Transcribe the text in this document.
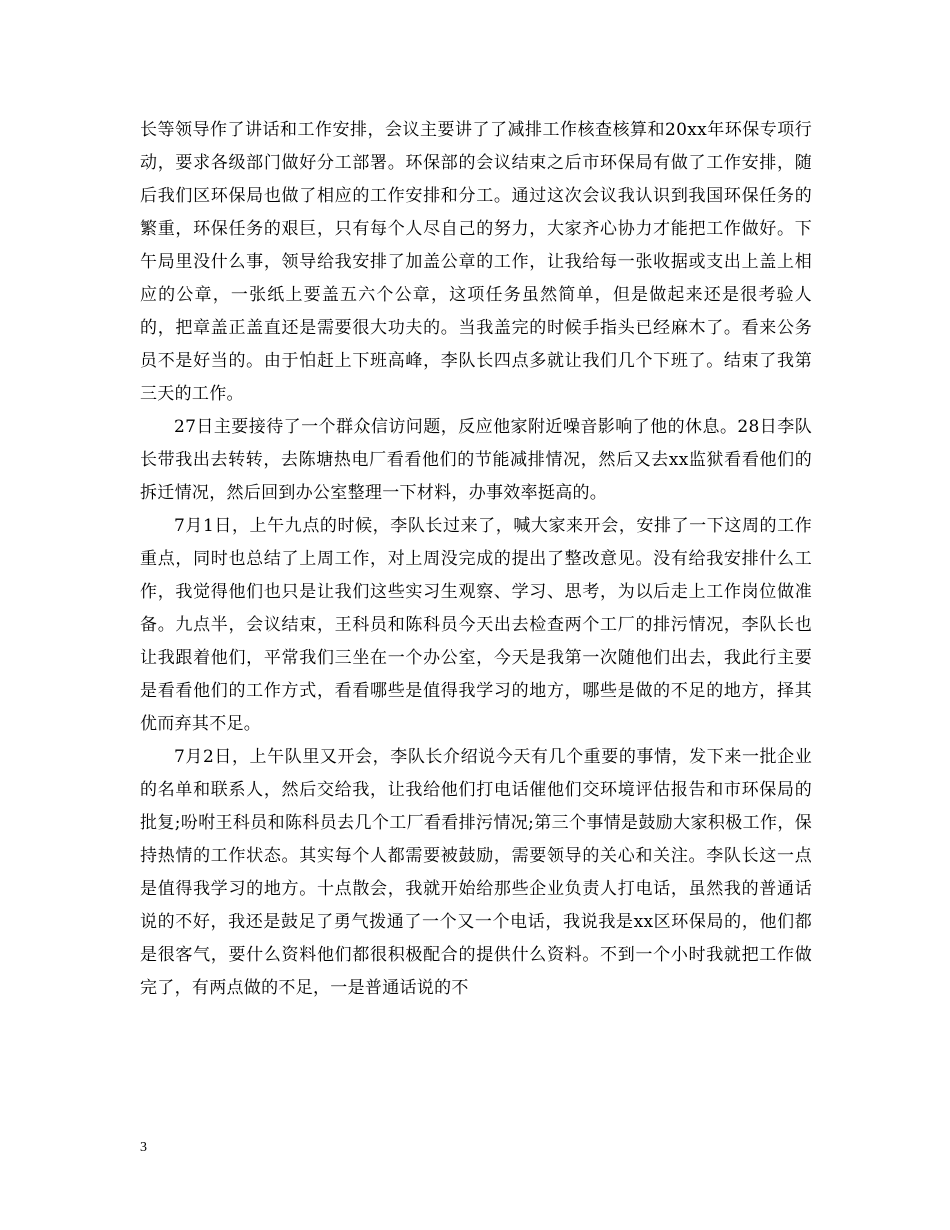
长等领导作了讲话和工作安排，会议主要讲了了减排工作核查核算和20xx年环保专项行动，要求各级部门做好分工部署。环保部的会议结束之后市环保局有做了工作安排，随后我们区环保局也做了相应的工作安排和分工。通过这次会议我认识到我国环保任务的繁重，环保任务的艰巨，只有每个人尽自己的努力，大家齐心协力才能把工作做好。下午局里没什么事，领导给我安排了加盖公章的工作，让我给每一张收据或支出上盖上相应的公章，一张纸上要盖五六个公章，这项任务虽然简单，但是做起来还是很考验人的，把章盖正盖直还是需要很大功夫的。当我盖完的时候手指头已经麻木了。看来公务员不是好当的。由于怕赶上下班高峰，李队长四点多就让我们几个下班了。结束了我第三天的工作。

27日主要接待了一个群众信访问题，反应他家附近噪音影响了他的休息。28日李队长带我出去转转，去陈塘热电厂看看他们的节能减排情况，然后又去xx监狱看看他们的拆迁情况，然后回到办公室整理一下材料，办事效率挺高的。

7月1日，上午九点的时候，李队长过来了，喊大家来开会，安排了一下这周的工作重点，同时也总结了上周工作，对上周没完成的提出了整改意见。没有给我安排什么工作，我觉得他们也只是让我们这些实习生观察、学习、思考，为以后走上工作岗位做准备。九点半，会议结束，王科员和陈科员今天出去检查两个工厂的排污情况，李队长也让我跟着他们，平常我们三坐在一个办公室，今天是我第一次随他们出去，我此行主要是看看他们的工作方式，看看哪些是值得我学习的地方，哪些是做的不足的地方，择其优而弃其不足。

7月2日，上午队里又开会，李队长介绍说今天有几个重要的事情，发下来一批企业的名单和联系人，然后交给我，让我给他们打电话催他们交环境评估报告和市环保局的批复;吩咐王科员和陈科员去几个工厂看看排污情况;第三个事情是鼓励大家积极工作，保持热情的工作状态。其实每个人都需要被鼓励，需要领导的关心和关注。李队长这一点是值得我学习的地方。十点散会，我就开始给那些企业负责人打电话，虽然我的普通话说的不好，我还是鼓足了勇气拨通了一个又一个电话，我说我是xx区环保局的，他们都是很客气，要什么资料他们都很积极配合的提供什么资料。不到一个小时我就把工作做完了，有两点做的不足，一是普通话说的不

3
